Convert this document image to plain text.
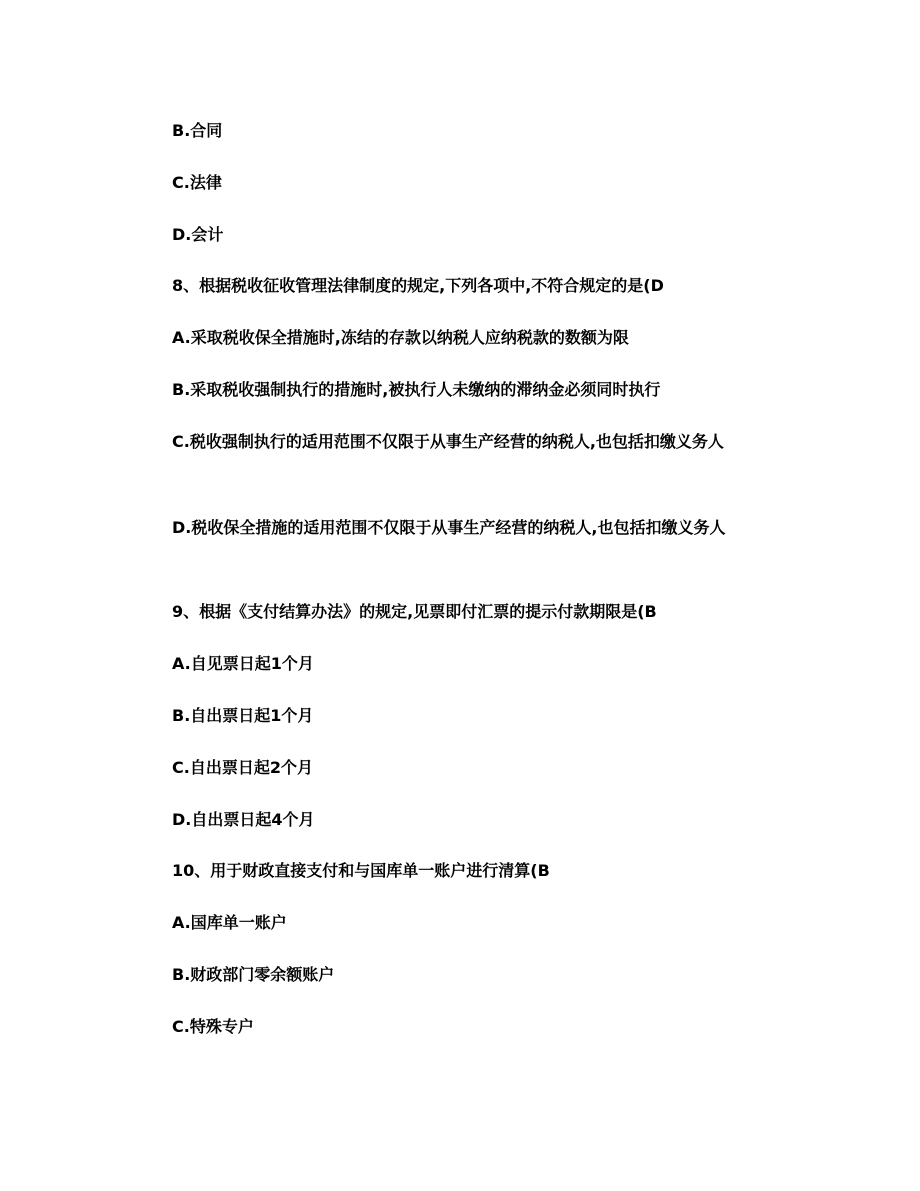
B.合同
C.法律
D.会计
8、根据税收征收管理法律制度的规定,下列各项中,不符合规定的是(D
A.采取税收保全措施时,冻结的存款以纳税人应纳税款的数额为限
B.采取税收强制执行的措施时,被执行人未缴纳的滞纳金必须同时执行
C.税收强制执行的适用范围不仅限于从事生产经营的纳税人,也包括扣缴义务人
D.税收保全措施的适用范围不仅限于从事生产经营的纳税人,也包括扣缴义务人
9、根据《支付结算办法》的规定,见票即付汇票的提示付款期限是(B
A.自见票日起1个月
B.自出票日起1个月
C.自出票日起2个月
D.自出票日起4个月
10、用于财政直接支付和与国库单一账户进行清算(B
A.国库单一账户
B.财政部门零余额账户
C.特殊专户
